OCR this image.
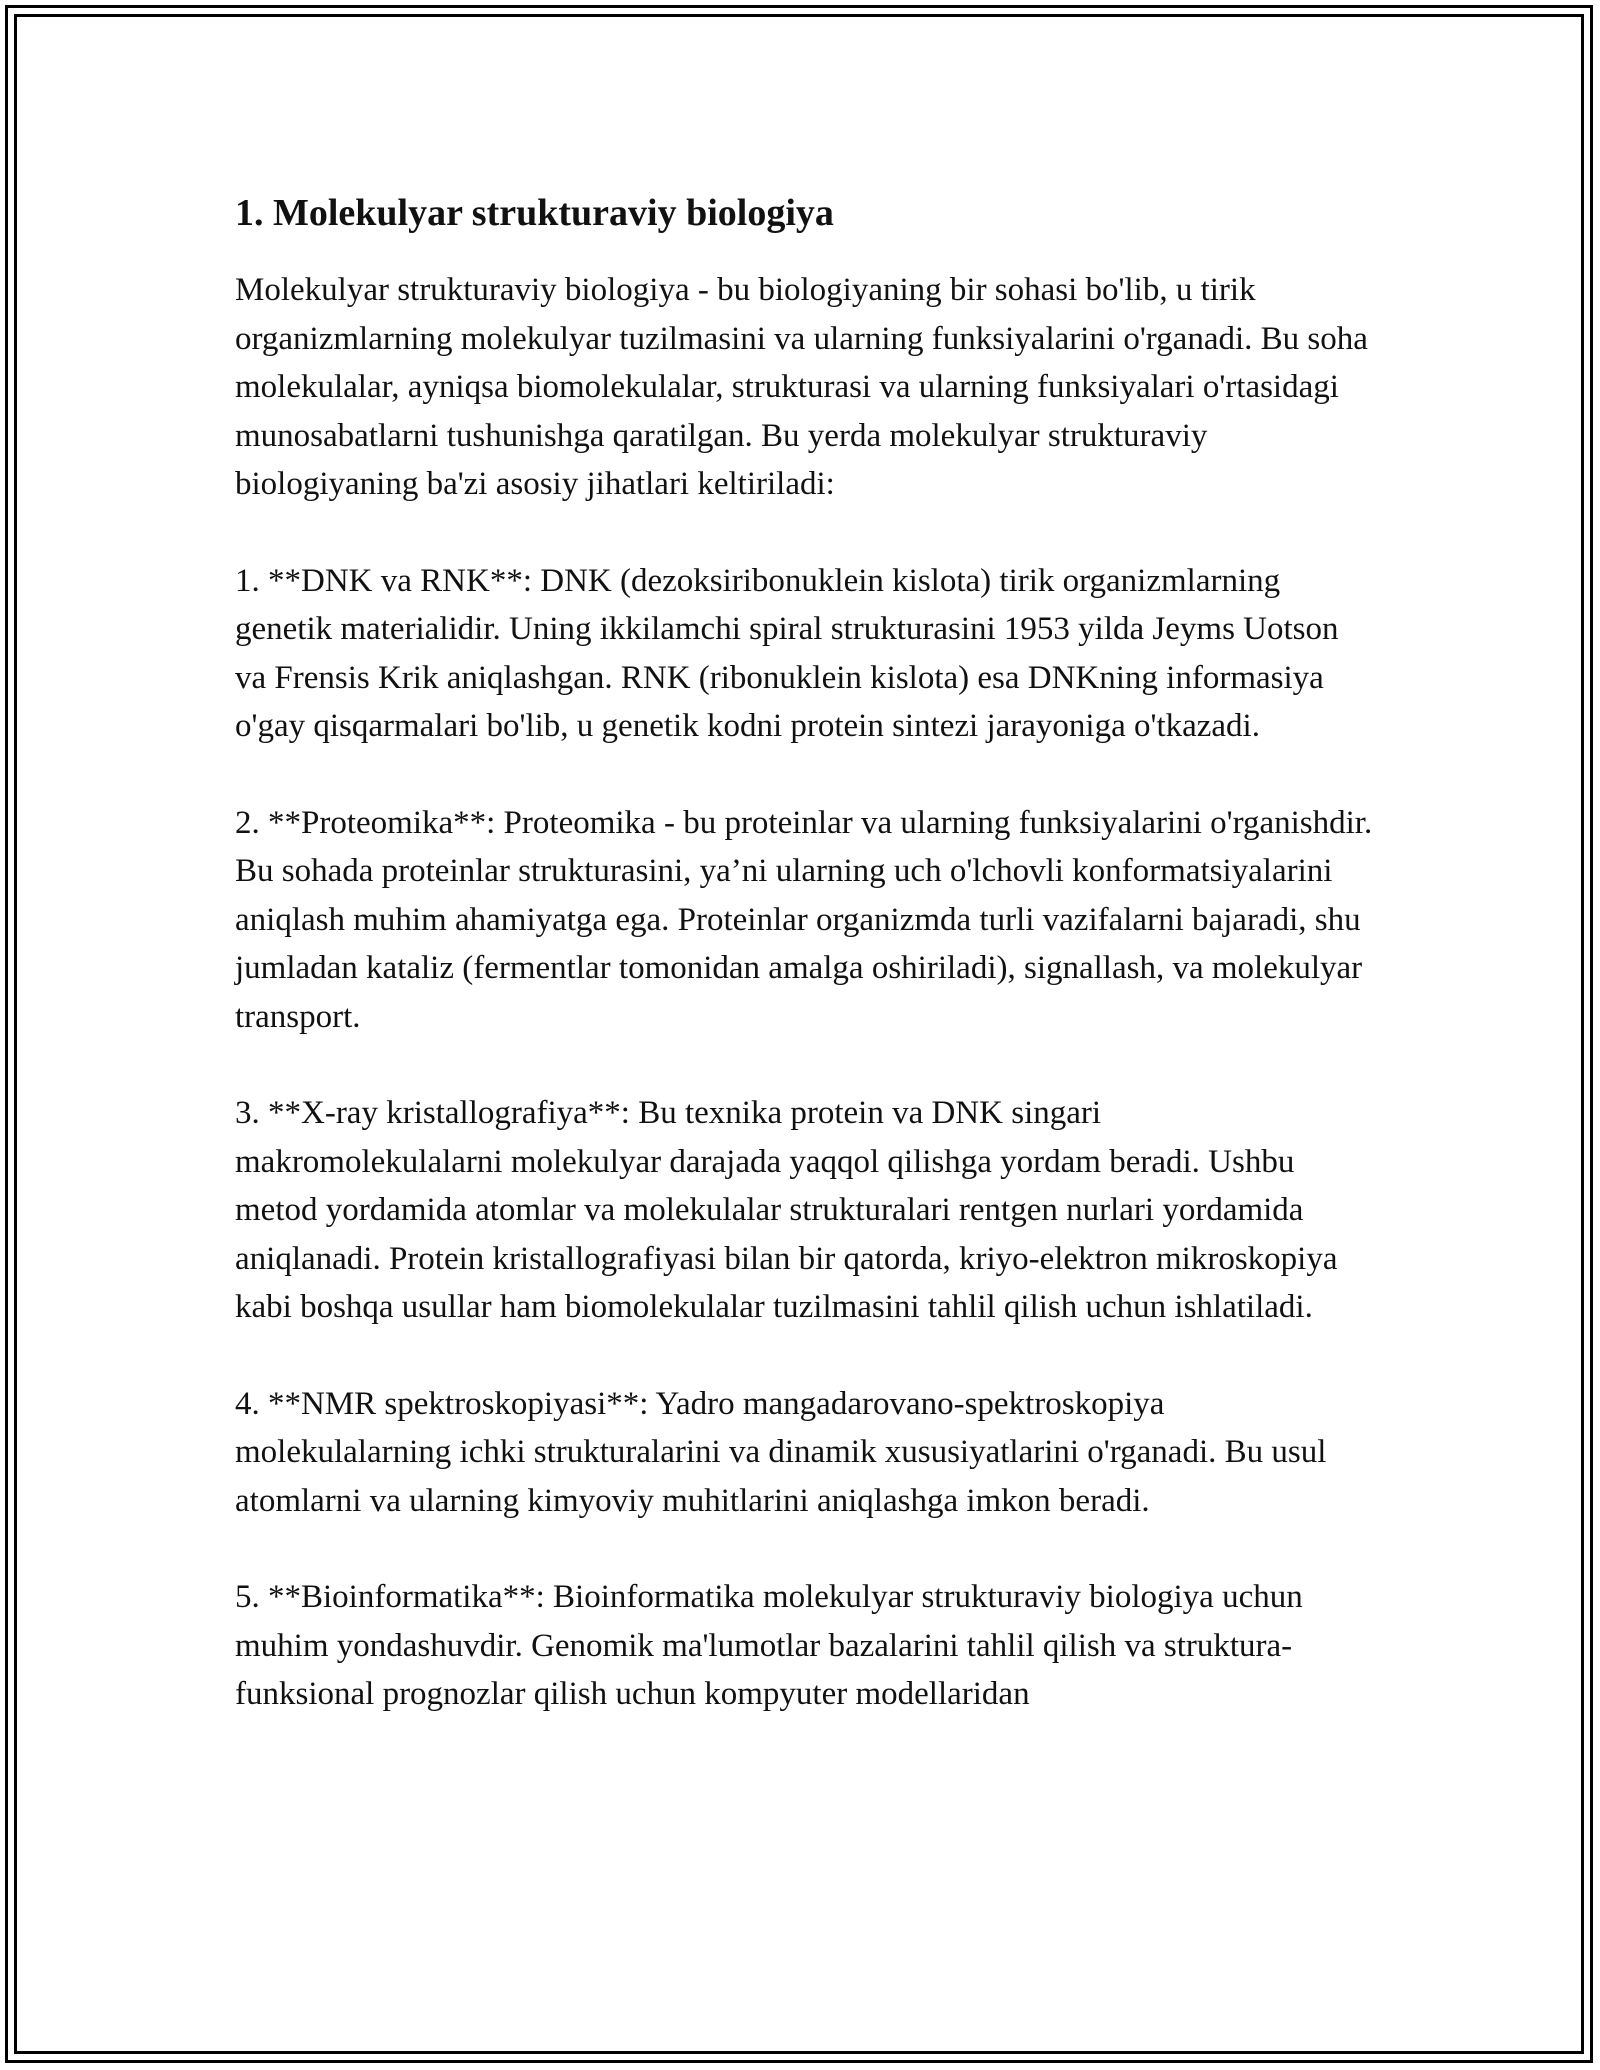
1. Molekulyar strukturaviy biologiya

Molekulyar strukturaviy biologiya - bu biologiyaning bir sohasi bo'lib, u tirik organizmlarning molekulyar tuzilmasini va ularning funksiyalarini o'rganadi. Bu soha molekulalar, ayniqsa biomolekulalar, strukturasi va ularning funksiyalari o'rtasidagi munosabatlarni tushunishga qaratilgan. Bu yerda molekulyar strukturaviy biologiyaning ba'zi asosiy jihatlari keltiriladi:

1. **DNK va RNK**: DNK (dezoksiribonuklein kislota) tirik organizmlarning genetik materialidir. Uning ikkilamchi spiral strukturasini 1953 yilda Jeyms Uotson va Frensis Krik aniqlashgan. RNK (ribonuklein kislota) esa DNKning informasiya o'gay qisqarmalari bo'lib, u genetik kodni protein sintezi jarayoniga o'tkazadi.

2. **Proteomika**: Proteomika - bu proteinlar va ularning funksiyalarini o'rganishdir. Bu sohada proteinlar strukturasini, ya’ni ularning uch o'lchovli konformatsiyalarini aniqlash muhim ahamiyatga ega. Proteinlar organizmda turli vazifalarni bajaradi, shu jumladan kataliz (fermentlar tomonidan amalga oshiriladi), signallash, va molekulyar transport.

3. **X-ray kristallografiya**: Bu texnika protein va DNK singari makromolekulalarni molekulyar darajada yaqqol qilishga yordam beradi. Ushbu metod yordamida atomlar va molekulalar strukturalari rentgen nurlari yordamida aniqlanadi. Protein kristallografiyasi bilan bir qatorda, kriyo-elektron mikroskopiya kabi boshqa usullar ham biomolekulalar tuzilmasini tahlil qilish uchun ishlatiladi.

4. **NMR spektroskopiyasi**: Yadro mangadarovano-spektroskopiya molekulalarning ichki strukturalarini va dinamik xususiyatlarini o'rganadi. Bu usul atomlarni va ularning kimyoviy muhitlarini aniqlashga imkon beradi.

5. **Bioinformatika**: Bioinformatika molekulyar strukturaviy biologiya uchun muhim yondashuvdir. Genomik ma'lumotlar bazalarini tahlil qilish va struktura-funksional prognozlar qilish uchun kompyuter modellaridan
